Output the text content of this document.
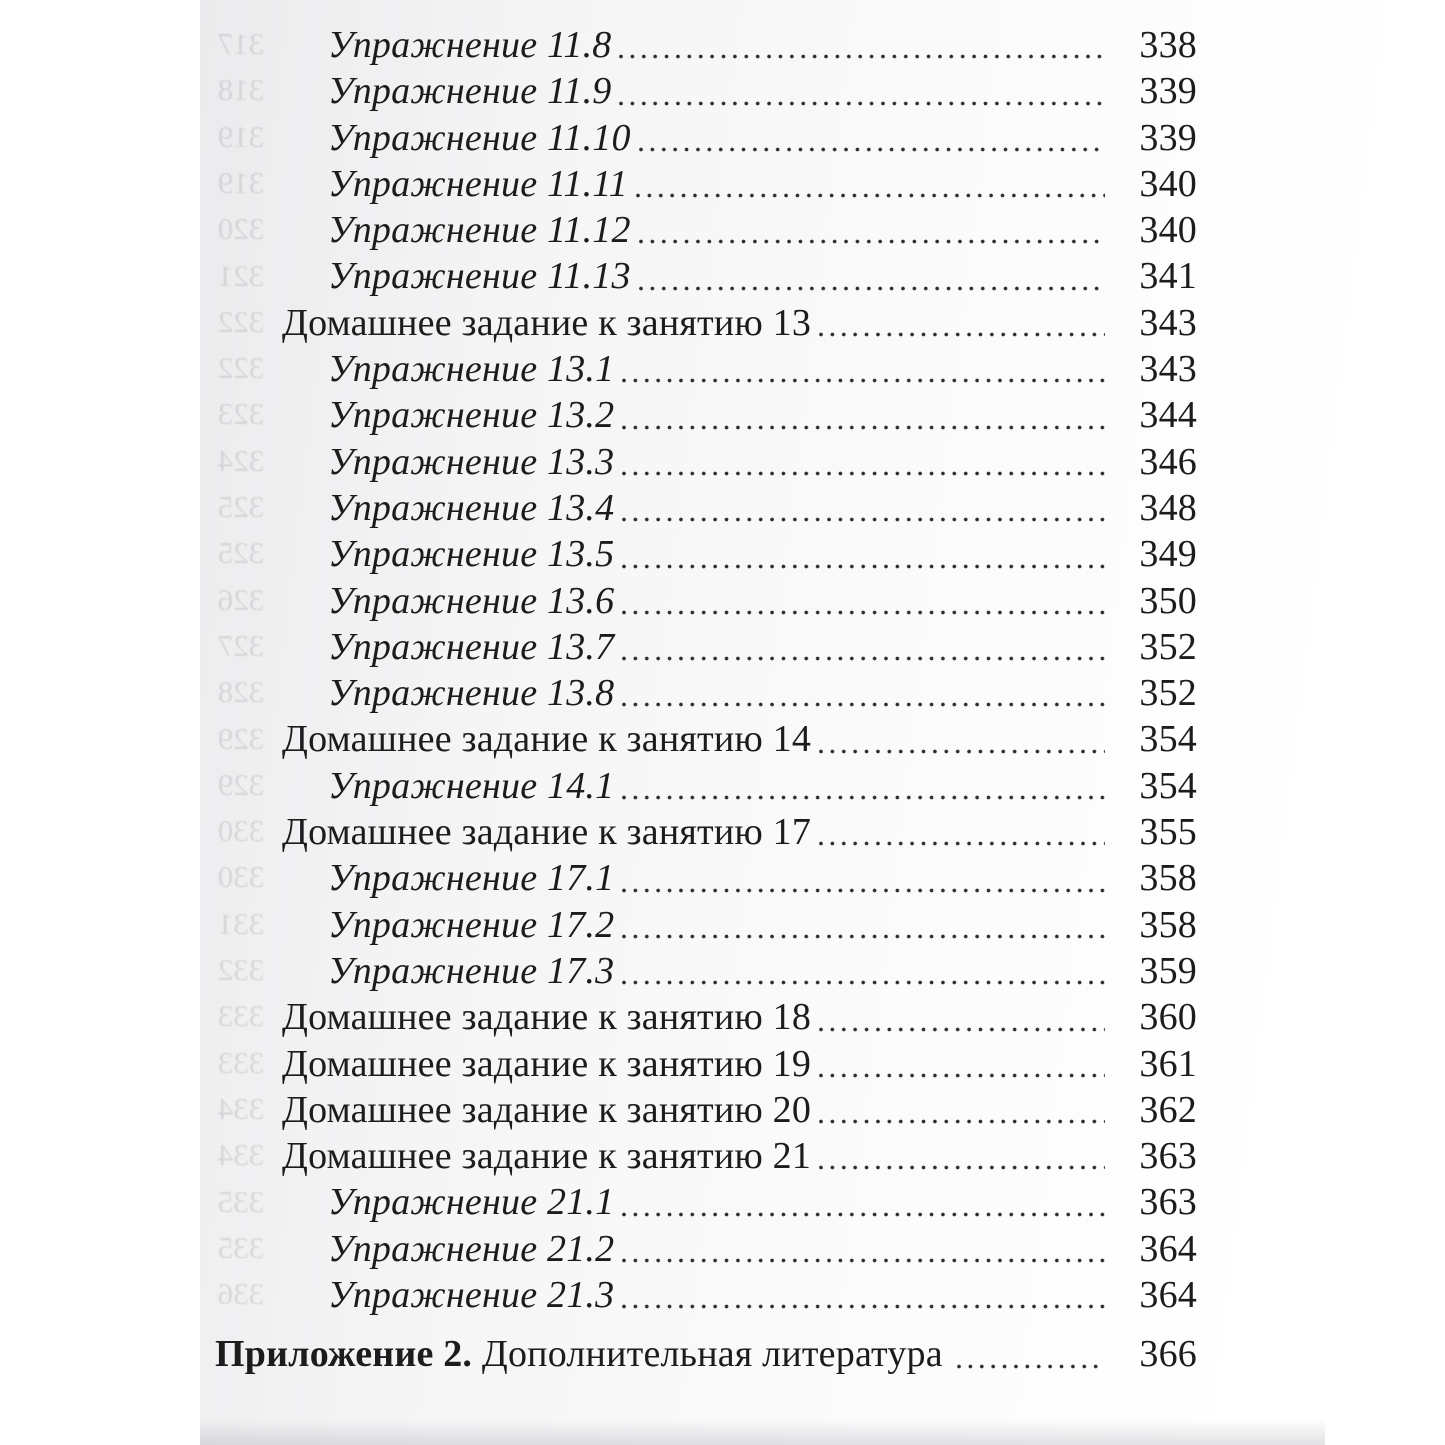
Упражнение 11.8	338
Упражнение 11.9	339
Упражнение 11.10	339
Упражнение 11.11	340
Упражнение 11.12	340
Упражнение 11.13	341
Домашнее задание к занятию 13	343
Упражнение 13.1	343
Упражнение 13.2	344
Упражнение 13.3	346
Упражнение 13.4	348
Упражнение 13.5	349
Упражнение 13.6	350
Упражнение 13.7	352
Упражнение 13.8	352
Домашнее задание к занятию 14	354
Упражнение 14.1	354
Домашнее задание к занятию 17	355
Упражнение 17.1	358
Упражнение 17.2	358
Упражнение 17.3	359
Домашнее задание к занятию 18	360
Домашнее задание к занятию 19	361
Домашнее задание к занятию 20	362
Домашнее задание к занятию 21	363
Упражнение 21.1	363
Упражнение 21.2	364
Упражнение 21.3	364
Приложение 2. Дополнительная литература	366
317
318
319
319
320
321
322
322
323
324
325
325
326
327
328
329
329
330
330
331
332
333
333
334
334
335
335
336
